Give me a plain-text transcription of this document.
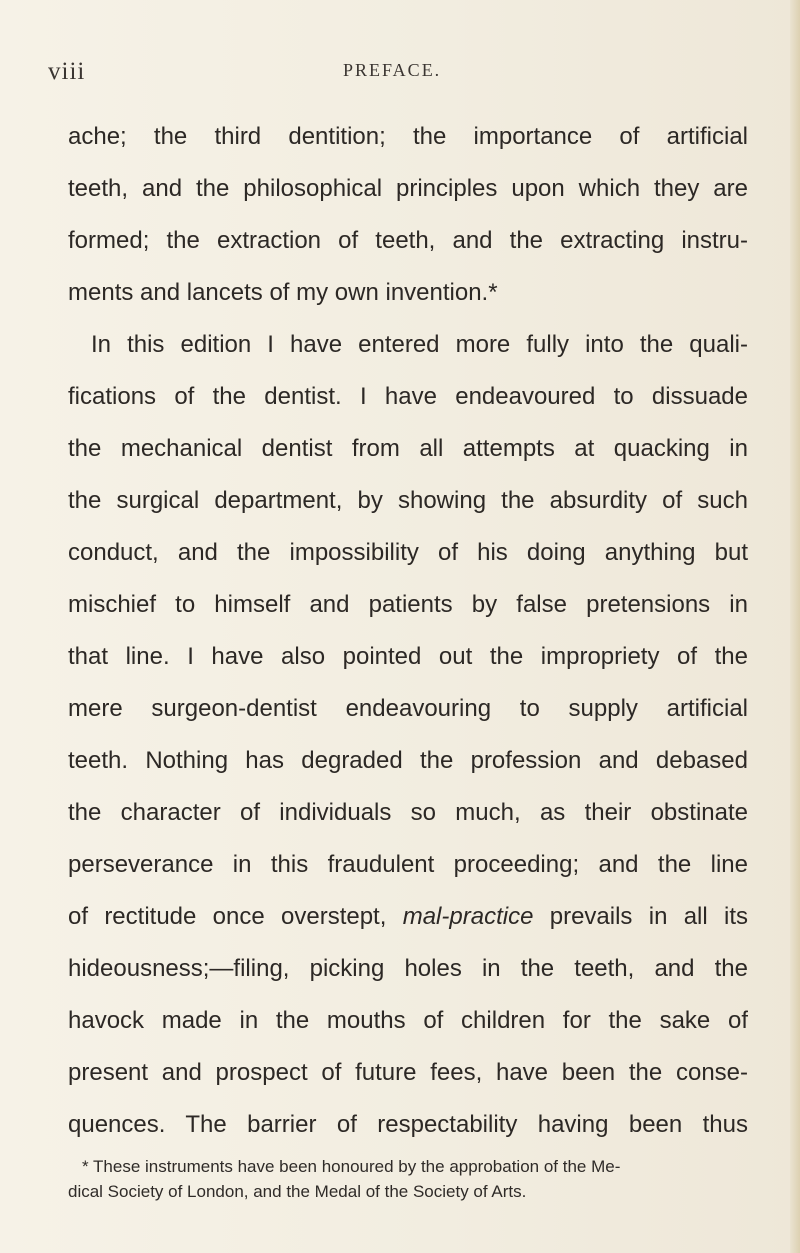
viii	PREFACE.
ache; the third dentition; the importance of artificial
teeth, and the philosophical principles upon which they are
formed; the extraction of teeth, and the extracting instru-
ments and lancets of my own invention.*
In this edition I have entered more fully into the quali-
fications of the dentist. I have endeavoured to dissuade
the mechanical dentist from all attempts at quacking in
the surgical department, by showing the absurdity of such
conduct, and the impossibility of his doing anything but
mischief to himself and patients by false pretensions in
that line. I have also pointed out the impropriety of the
mere surgeon-dentist endeavouring to supply artificial
teeth. Nothing has degraded the profession and debased
the character of individuals so much, as their obstinate
perseverance in this fraudulent proceeding; and the line
of rectitude once overstept, mal-practice prevails in all its
hideousness;—filing, picking holes in the teeth, and the
havock made in the mouths of children for the sake of
present and prospect of future fees, have been the conse-
quences. The barrier of respectability having been thus
* These instruments have been honoured by the approbation of the Me-
dical Society of London, and the Medal of the Society of Arts.
